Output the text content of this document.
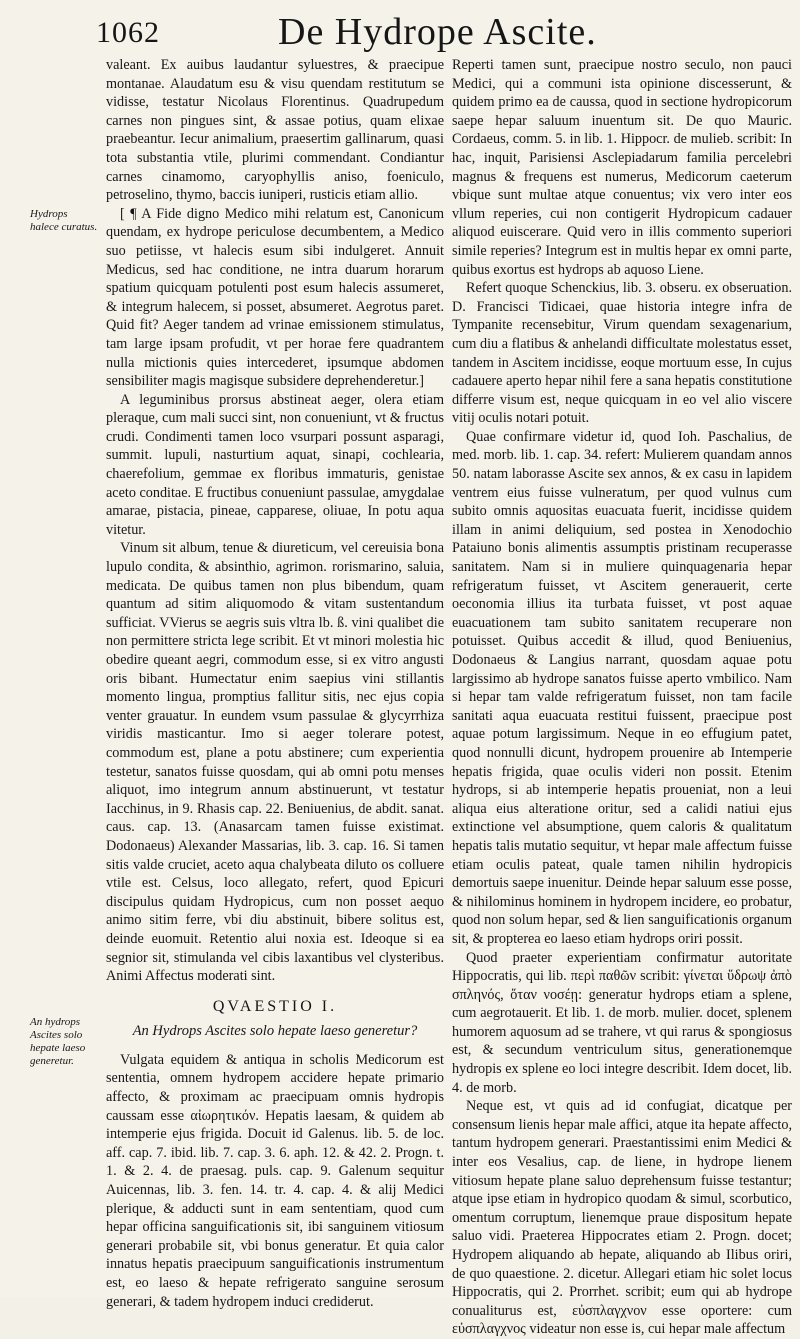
1062	De Hydrope Ascite.
Hydrops halece curatus.
An hydrops Ascites solo hepate laeso generetur.

valeant. Ex auibus laudantur syluestres, & praecipue montanae. Alaudatum esu & visu quendam restitutum se vidisse, testatur Nicolaus Florentinus. Quadrupedum carnes non pingues sint, & assae potius, quam elixae praebeantur. Iecur animalium, praesertim gallinarum, quasi tota substantia vtile, plurimi commendant. Condiantur carnes cinamomo, caryophyllis aniso, foeniculo, petroselino, thymo, baccis iuniperi, rusticis etiam allio.

[ ¶ A Fide digno Medico mihi relatum est, Canonicum quendam, ex hydrope periculose decumbentem, a Medico suo petiisse, vt halecis esum sibi indulgeret. Annuit Medicus, sed hac conditione, ne intra duarum horarum spatium quicquam potulenti post esum halecis assumeret, & integrum halecem, si posset, absumeret. Aegrotus paret. Quid fit? Aeger tandem ad vrinae emissionem stimulatus, tam large ipsam profudit, vt per horae fere quadrantem nulla mictionis quies intercederet, ipsumque abdomen sensibiliter magis magisque subsidere deprehenderetur.]

A leguminibus prorsus abstineat aeger, olera etiam pleraque, cum mali succi sint, non conueniunt, vt & fructus crudi. Condimenti tamen loco vsurpari possunt asparagi, summit. lupuli, nasturtium aquat, sinapi, cochlearia, chaerefolium, gemmae ex floribus immaturis, genistae aceto conditae. E fructibus conueniunt passulae, amygdalae amarae, pistacia, pineae, capparese, oliuae, In potu aqua vitetur.

Vinum sit album, tenue & diureticum, vel cereuisia bona lupulo condita, & absinthio, agrimon. rorismarino, saluia, medicata. De quibus tamen non plus bibendum, quam quantum ad sitim aliquomodo & vitam sustentandum sufficiat. VVierus se aegris suis vltra lb. ß. vini qualibet die non permittere stricta lege scribit. Et vt minori molestia hic obedire queant aegri, commodum esse, si ex vitro angusti oris bibant. Humectatur enim saepius vini stillantis momento lingua, promptius fallitur sitis, nec ejus copia venter grauatur. In eundem vsum passulae & glycyrrhiza viridis masticantur. Imo si aeger tolerare potest, commodum est, plane a potu abstinere; cum experientia testetur, sanatos fuisse quosdam, qui ab omni potu menses aliquot, imo integrum annum abstinuerunt, vt testatur Iacchinus, in 9. Rhasis cap. 22. Beniuenius, de abdit. sanat. caus. cap. 13. (Anasarcam tamen fuisse existimat. Dodonaeus) Alexander Massarias, lib. 3. cap. 16. Si tamen sitis valde cruciet, aceto aqua chalybeata diluto os colluere vtile est. Celsus, loco allegato, refert, quod Epicuri discipulus quidam Hydropicus, cum non posset aequo animo sitim ferre, vbi diu abstinuit, bibere solitus est, deinde euomuit. Retentio alui noxia est. Ideoque si ea segnior sit, stimulanda vel cibis laxantibus vel clysteribus. Animi Affectus moderati sint.

QVAESTIO I.
An Hydrops Ascites solo hepate laeso generetur?

Vulgata equidem & antiqua in scholis Medicorum est sententia, omnem hydropem accidere hepate primario affecto, & proximam ac praecipuam omnis hydropis caussam esse αἰωρητικόν. Hepatis laesam, & quidem ab intemperie ejus frigida. Docuit id Galenus. lib. 5. de loc. aff. cap. 7. ibid. lib. 7. cap. 3. 6. aph. 12. & 42. 2. Progn. t. 1. & 2. 4. de praesag. puls. cap. 9. Galenum sequitur Auicennas, lib. 3. fen. 14. tr. 4. cap. 4. & alij Medici plerique, & adducti sunt in eam sententiam, quod cum hepar officina sanguificationis sit, ibi sanguinem vitiosum generari probabile sit, vbi bonus generatur. Et quia calor innatus hepatis praecipuum sanguificationis instrumentum est, eo laeso & hepate refrigerato sanguine serosum generari, & tadem hydropem induci crediderut.

Reperti tamen sunt, praecipue nostro seculo, non pauci Medici, qui a communi ista opinione discesserunt, & quidem primo ea de caussa, quod in sectione hydropicorum saepe hepar saluum inuentum sit. De quo Mauric. Cordaeus, comm. 5. in lib. 1. Hippocr. de mulieb. scribit: In hac, inquit, Parisiensi Asclepiadarum familia percelebri magnus & frequens est numerus, Medicorum caeterum vbique sunt multae atque conuentus; vix vero inter eos vllum reperies, cui non contigerit Hydropicum cadauer aliquod euiscerare. Quid vero in illis commento superiori simile reperies? Integrum est in multis hepar ex omni parte, quibus exortus est hydrops ab aquoso Liene.

Refert quoque Schenckius, lib. 3. obseru. ex obseruation. D. Francisci Tidicaei, quae historia integre infra de Tympanite recensebitur, Virum quendam sexagenarium, cum diu a flatibus & anhelandi difficultate molestatus esset, tandem in Ascitem incidisse, eoque mortuum esse, In cujus cadauere aperto hepar nihil fere a sana hepatis constitutione differre visum est, neque quicquam in eo vel alio viscere vitij oculis notari potuit.

Quae confirmare videtur id, quod Ioh. Paschalius, de med. morb. lib. 1. cap. 34. refert: Mulierem quandam annos 50. natam laborasse Ascite sex annos, & ex casu in lapidem ventrem eius fuisse vulneratum, per quod vulnus cum subito omnis aquositas euacuata fuerit, incidisse quidem illam in animi deliquium, sed postea in Xenodochio Pataiuno bonis alimentis assumptis pristinam recuperasse sanitatem. Nam si in muliere quinquagenaria hepar refrigeratum fuisset, vt Ascitem generauerit, certe oeconomia illius ita turbata fuisset, vt post aquae euacuationem tam subito sanitatem recuperare non potuisset. Quibus accedit & illud, quod Beniuenius, Dodonaeus & Langius narrant, quosdam aquae potu largissimo ab hydrope sanatos fuisse aperto vmbilico. Nam si hepar tam valde refrigeratum fuisset, non tam facile sanitati aqua euacuata restitui fuissent, praecipue post aquae potum largissimum. Neque in eo effugium patet, quod nonnulli dicunt, hydropem prouenire ab Intemperie hepatis frigida, quae oculis videri non possit. Etenim hydrops, si ab intemperie hepatis proueniat, non a leui aliqua eius alteratione oritur, sed a calidi natiui ejus extinctione vel absumptione, quem caloris & qualitatum hepatis talis mutatio sequitur, vt hepar male affectum fuisse etiam oculis pateat, quale tamen nihilin hydropicis demortuis saepe inuenitur. Deinde hepar saluum esse posse, & nihilominus hominem in hydropem incidere, eo probatur, quod non solum hepar, sed & lien sanguificationis organum sit, & propterea eo laeso etiam hydrops oriri possit.

Quod praeter experientiam confirmatur autoritate Hippocratis, qui lib. περὶ παθῶν scribit: γίνεται ὕδρωψ ἀπὸ σπληνός, ὅταν νοσέῃ: generatur hydrops etiam a splene, cum aegrotauerit. Et lib. 1. de morb. mulier. docet, splenem humorem aquosum ad se trahere, vt qui rarus & spongiosus est, & secundum ventriculum situs, generationemque hydropis ex splene eo loci integre describit. Idem docet, lib. 4. de morb.

Neque est, vt quis ad id confugiat, dicatque per consensum lienis hepar male affici, atque ita hepate affecto, tantum hydropem generari. Praestantissimi enim Medici & inter eos Vesalius, cap. de liene, in hydrope lienem vitiosum hepate plane saluo deprehensum fuisse testantur; atque ipse etiam in hydropico quodam & simul, scorbutico, omentum corruptum, lienemque praue dispositum hepate saluo vidi. Praeterea Hippocrates etiam 2. Progn. docet; Hydropem aliquando ab hepate, aliquando ab Ilibus oriri, de quo quaestione. 2. dicetur. Allegari etiam hic solet locus Hippocratis, qui 2. Prorrhet. scribit; eum qui ab hydrope conualiturus est, εὐσπλαγχνον esse oportere: cum εὐσπλαγχνος videatur non esse is, cui hepar male affectum
